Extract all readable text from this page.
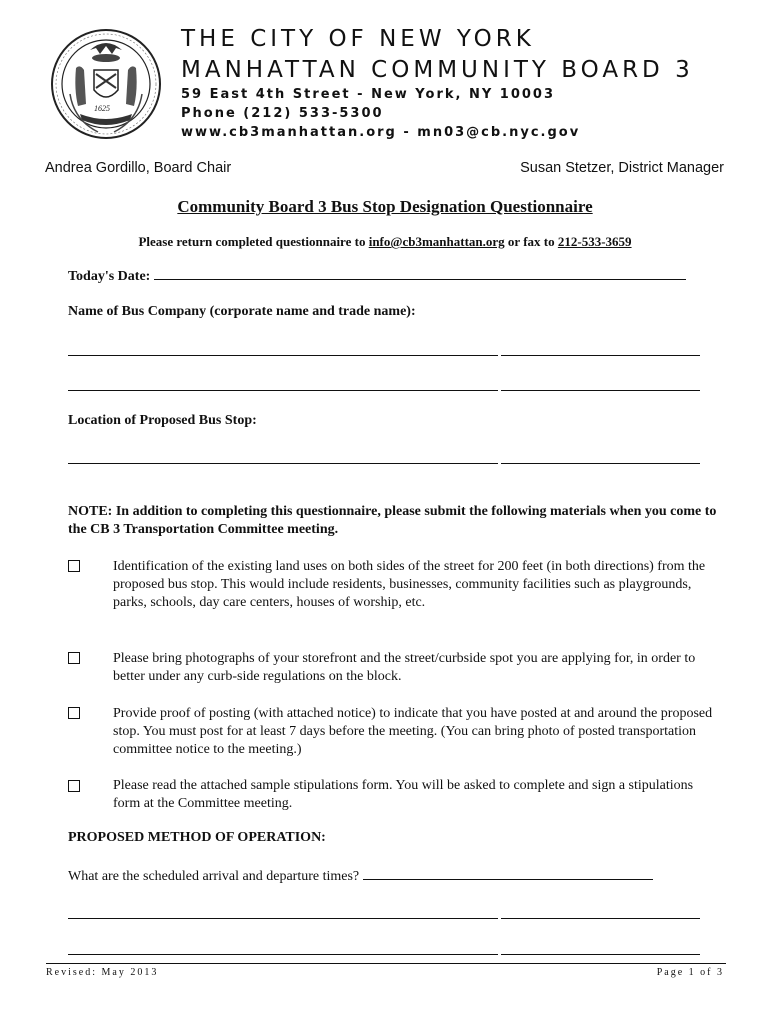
1625
THE CITY OF NEW YORK
MANHATTAN COMMUNITY BOARD 3
59 East 4th Street - New York, NY 10003
Phone (212) 533-5300
www.cb3manhattan.org - mn03@cb.nyc.gov
Andrea Gordillo, Board Chair	Susan Stetzer, District Manager
Community Board 3 Bus Stop Designation Questionnaire
Please return completed questionnaire to info@cb3manhattan.org or fax to 212-533-3659
Today's Date:
Name of Bus Company (corporate name and trade name):
Location of Proposed Bus Stop:
NOTE: In addition to completing this questionnaire, please submit the following materials when you come to the CB 3 Transportation Committee meeting.
Identification of the existing land uses on both sides of the street for 200 feet (in both directions) from the proposed bus stop. This would include residents, businesses, community facilities such as playgrounds, parks, schools, day care centers, houses of worship, etc.
Please bring photographs of your storefront and the street/curbside spot you are applying for, in order to better under any curb-side regulations on the block.
Provide proof of posting (with attached notice) to indicate that you have posted at and around the proposed stop. You must post for at least 7 days before the meeting. (You can bring photo of posted transportation committee notice to the meeting.)
Please read the attached sample stipulations form. You will be asked to complete and sign a stipulations form at the Committee meeting.
PROPOSED METHOD OF OPERATION:
What are the scheduled arrival and departure times?
Revised: May 2013	Page 1 of 3
